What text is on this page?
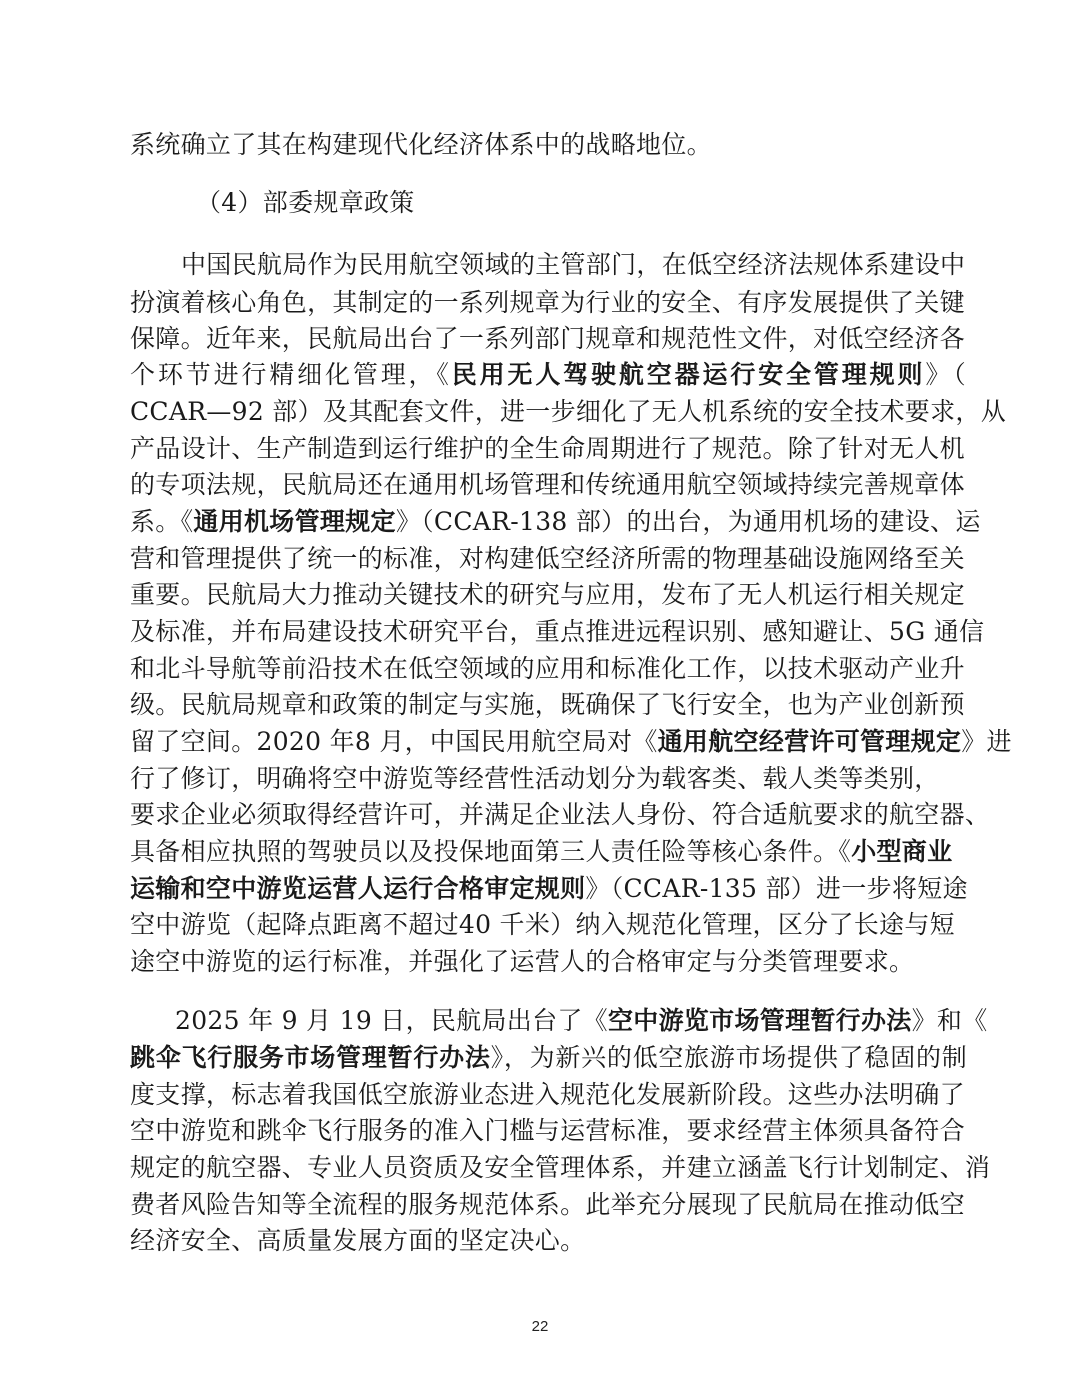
系统确立了其在构建现代化经济体系中的战略地位。
（4）部委规章政策
中国民航局作为民用航空领域的主管部门，在低空经济法规体系建设中
扮演着核心角色，其制定的一系列规章为行业的安全、有序发展提供了关键
保障。近年来，民航局出台了一系列部门规章和规范性文件，对低空经济各
个环节进行精细化管理，《民用无人驾驶航空器运行安全管理规则》（
CCAR—92 部）及其配套文件，进一步细化了无人机系统的安全技术要求，从
产品设计、生产制造到运行维护的全生命周期进行了规范。除了针对无人机
的专项法规，民航局还在通用机场管理和传统通用航空领域持续完善规章体
系。《通用机场管理规定》（CCAR-138 部）的出台，为通用机场的建设、运
营和管理提供了统一的标准，对构建低空经济所需的物理基础设施网络至关
重要。民航局大力推动关键技术的研究与应用，发布了无人机运行相关规定
及标准，并布局建设技术研究平台，重点推进远程识别、感知避让、5G 通信
和北斗导航等前沿技术在低空领域的应用和标准化工作，以技术驱动产业升
级。民航局规章和政策的制定与实施，既确保了飞行安全，也为产业创新预
留了空间。2020 年8 月，中国民用航空局对《通用航空经营许可管理规定》进
行了修订，明确将空中游览等经营性活动划分为载客类、载人类等类别，
要求企业必须取得经营许可，并满足企业法人身份、符合适航要求的航空器、
具备相应执照的驾驶员以及投保地面第三人责任险等核心条件。《小型商业
运输和空中游览运营人运行合格审定规则》（CCAR-135 部）进一步将短途
空中游览（起降点距离不超过40 千米）纳入规范化管理，区分了长途与短
途空中游览的运行标准，并强化了运营人的合格审定与分类管理要求。
2025 年 9 月 19 日，民航局出台了《空中游览市场管理暂行办法》和《
跳伞飞行服务市场管理暂行办法》，为新兴的低空旅游市场提供了稳固的制
度支撑，标志着我国低空旅游业态进入规范化发展新阶段。这些办法明确了
空中游览和跳伞飞行服务的准入门槛与运营标准，要求经营主体须具备符合
规定的航空器、专业人员资质及安全管理体系，并建立涵盖飞行计划制定、消
费者风险告知等全流程的服务规范体系。此举充分展现了民航局在推动低空
经济安全、高质量发展方面的坚定决心。
22
